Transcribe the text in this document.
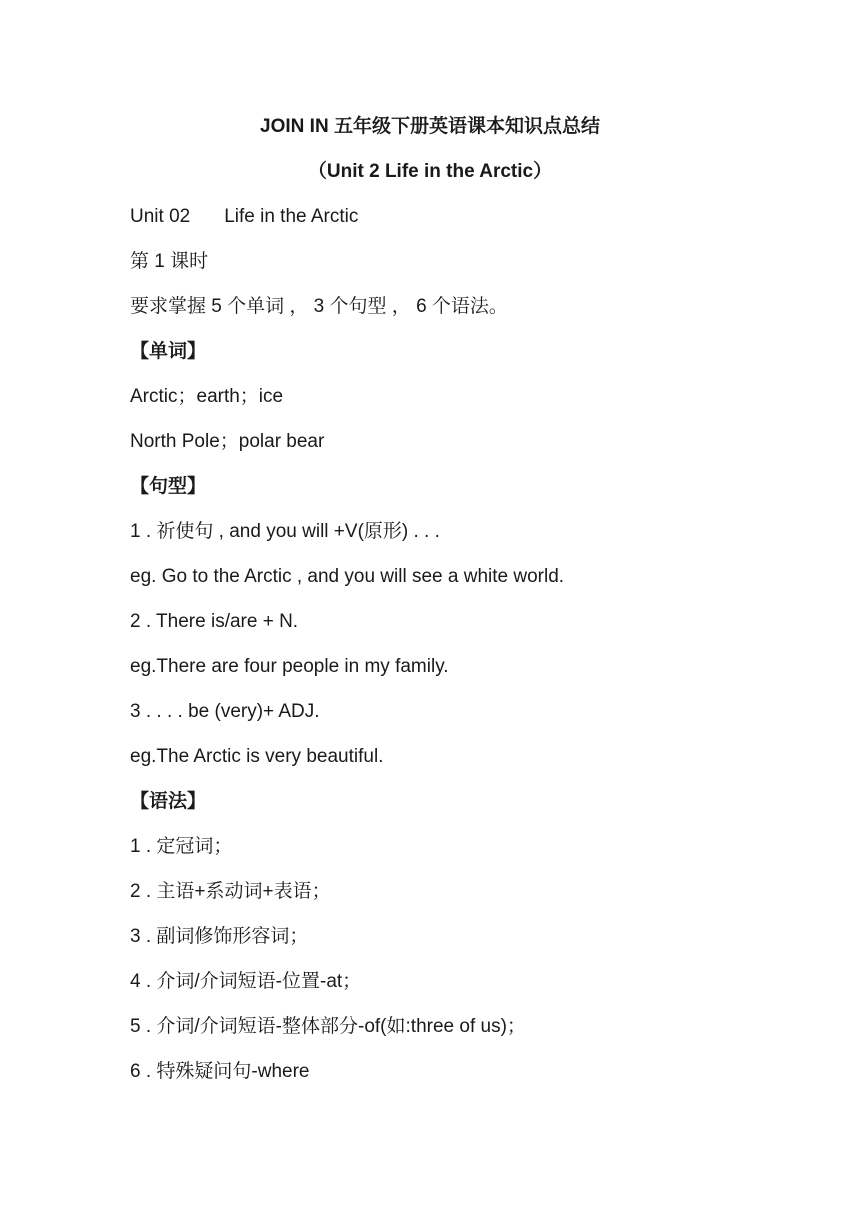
JOIN IN 五年级下册英语课本知识点总结
（Unit 2 Life in the Arctic）
Unit 02 Life in the Arctic
第 1 课时
要求掌握 5 个单词 ， 3 个句型 ， 6 个语法。
【单词】
Arctic；earth；ice
North Pole；polar bear
【句型】
1 . 祈使句 , and you will +V(原形) . . .
eg. Go to the Arctic , and you will see a white world.
2 . There is/are + N.
eg.There are four people in my family.
3 . . . . be (very)+ ADJ.
eg.The Arctic is very beautiful.
【语法】
1 . 定冠词；
2 . 主语+系动词+表语；
3 . 副词修饰形容词；
4 . 介词/介词短语-位置-at；
5 . 介词/介词短语-整体部分-of(如:three of us)；
6 . 特殊疑问句-where
